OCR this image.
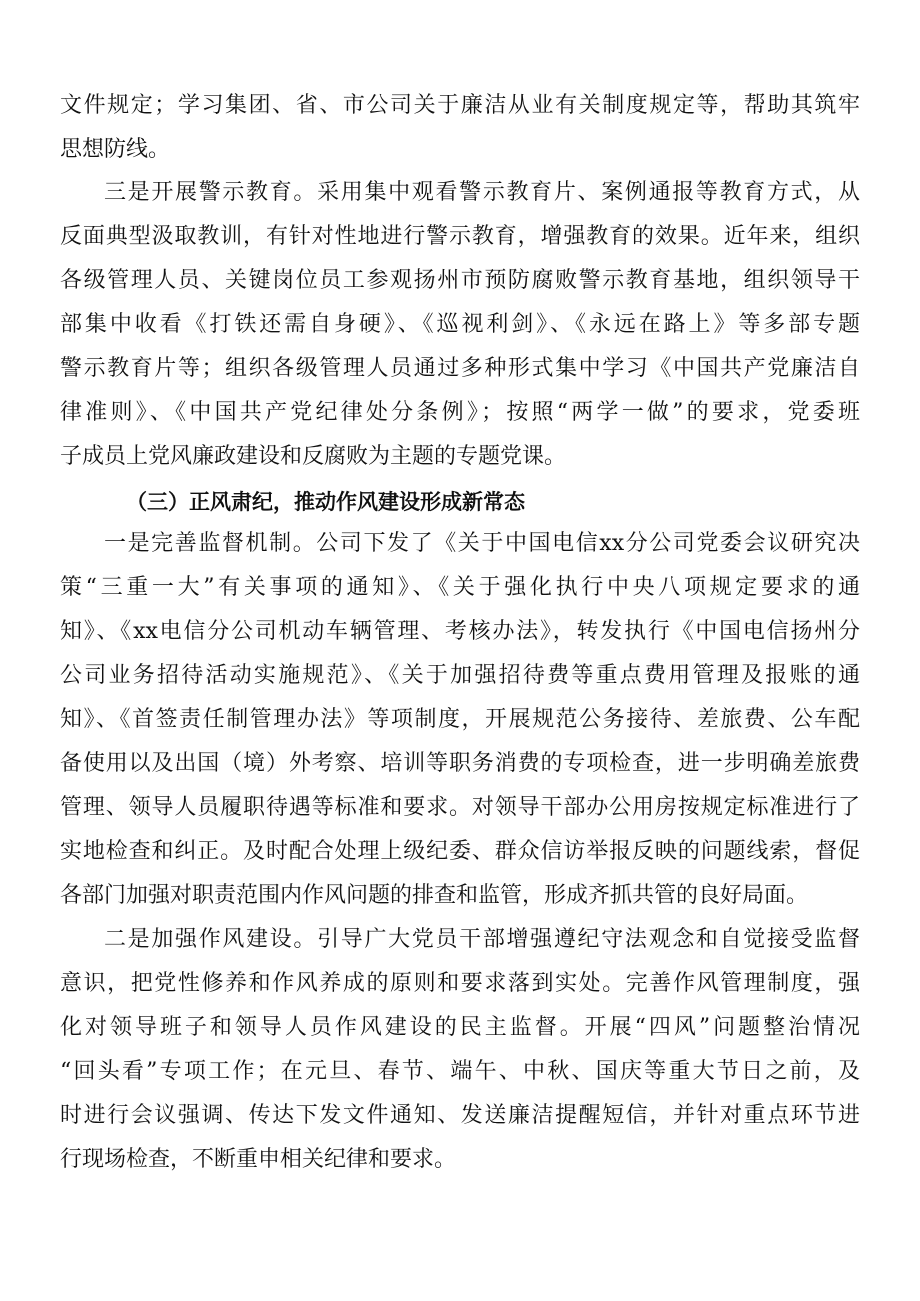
文件规定；学习集团、省、市公司关于廉洁从业有关制度规定等，帮助其筑牢
思想防线。
三是开展警示教育。采用集中观看警示教育片、案例通报等教育方式，从
反面典型汲取教训，有针对性地进行警示教育，增强教育的效果。近年来，组织
各级管理人员、关键岗位员工参观扬州市预防腐败警示教育基地，组织领导干
部集中收看《打铁还需自身硬》、《巡视利剑》、《永远在路上》等多部专题
警示教育片等；组织各级管理人员通过多种形式集中学习《中国共产党廉洁自
律准则》、《中国共产党纪律处分条例》；按照“两学一做”的要求，党委班
子成员上党风廉政建设和反腐败为主题的专题党课。
（三）正风肃纪，推动作风建设形成新常态
一是完善监督机制。公司下发了《关于中国电信xx分公司党委会议研究决
策“三重一大”有关事项的通知》、《关于强化执行中央八项规定要求的通
知》、《xx电信分公司机动车辆管理、考核办法》，转发执行《中国电信扬州分
公司业务招待活动实施规范》、《关于加强招待费等重点费用管理及报账的通
知》、《首签责任制管理办法》等项制度，开展规范公务接待、差旅费、公车配
备使用以及出国（境）外考察、培训等职务消费的专项检查，进一步明确差旅费
管理、领导人员履职待遇等标准和要求。对领导干部办公用房按规定标准进行了
实地检查和纠正。及时配合处理上级纪委、群众信访举报反映的问题线索，督促
各部门加强对职责范围内作风问题的排查和监管，形成齐抓共管的良好局面。
二是加强作风建设。引导广大党员干部增强遵纪守法观念和自觉接受监督
意识，把党性修养和作风养成的原则和要求落到实处。完善作风管理制度，强
化对领导班子和领导人员作风建设的民主监督。开展“四风”问题整治情况
“回头看”专项工作；在元旦、春节、端午、中秋、国庆等重大节日之前，及
时进行会议强调、传达下发文件通知、发送廉洁提醒短信，并针对重点环节进
行现场检查，不断重申相关纪律和要求。
